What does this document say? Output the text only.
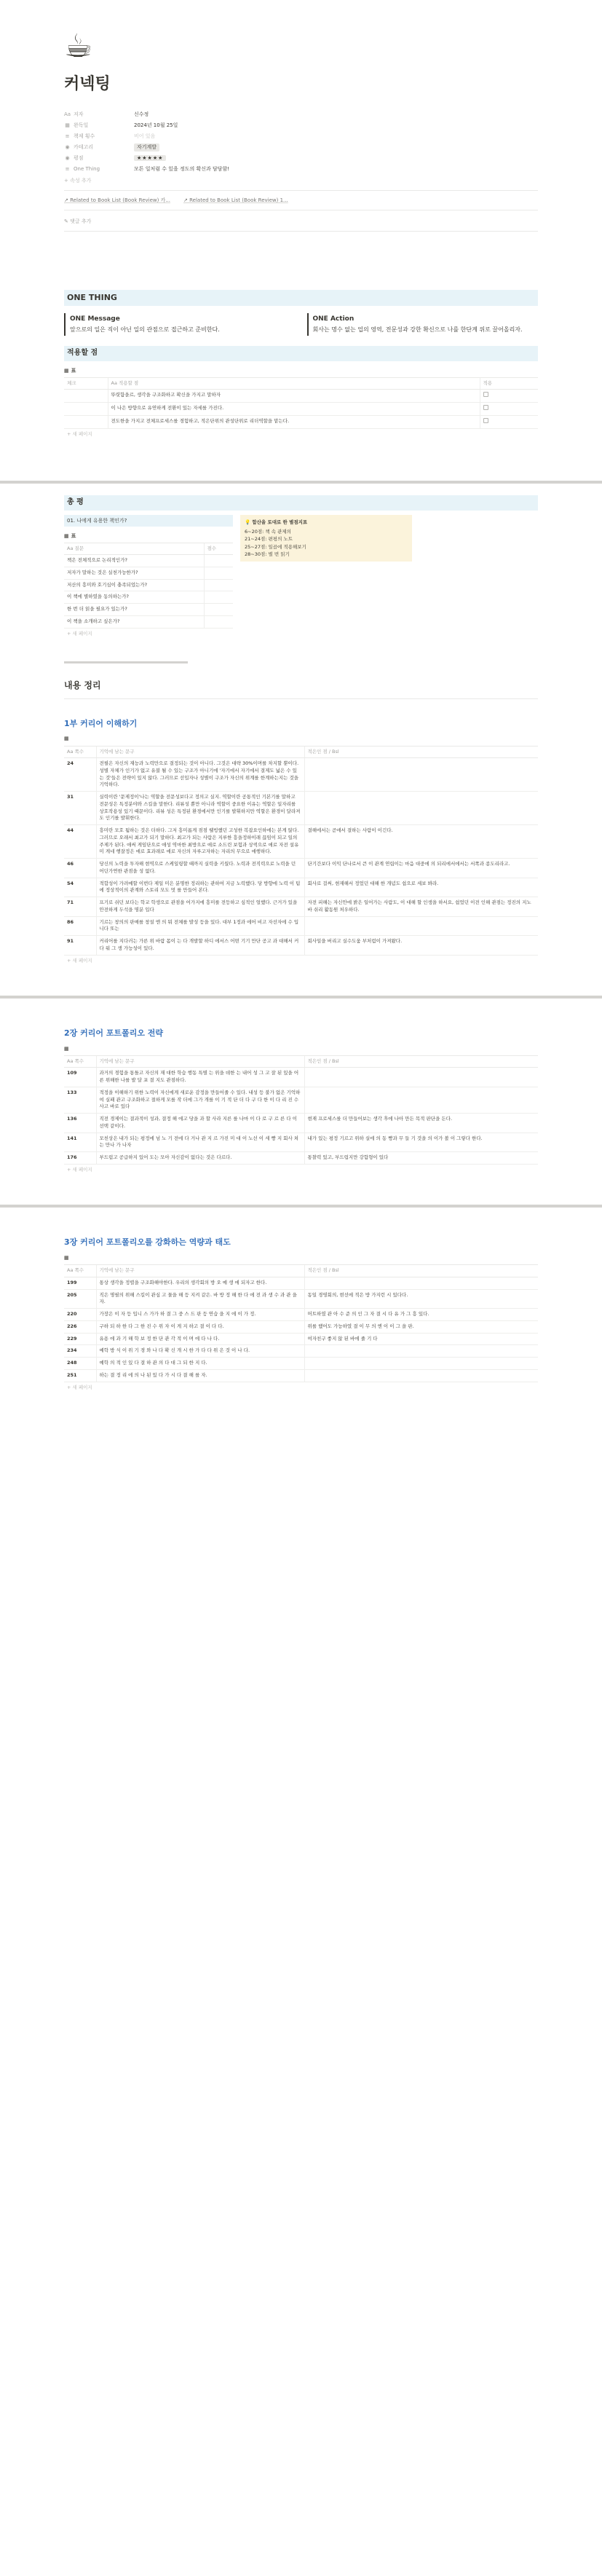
☕
커넥팅
Aa 저자	신수정
▦ 완독일	2024년 10월 25일
≡ 책제 횡수	비어 있음
◉ 카테고리	자기계발
◉ 평점	★★★★★
≡ One Thing	모튼 일처럼 수 있을 정도의 확신과 담담함!
+ 속성 추가
↗ Related to Book List (Book Review) 카...	↗ Related to Book List (Book Review) 1...
✎ 댓글 추가
ONE THING
ONE Message
앞으로의 일은 직이 아닌 일의 관점으로 접근하고 준비한다.
ONE Action
회사는 명수 없는 업의 영역, 전문성과 강한 확신으로 나를 한단계 위로 끌어올리자.
적용할 점
▦ 표
체크	Aa 적용할 점	적용
	뚜렷함을르, 생각을 구조화하고 확신을 가지고 말하자	
	이 나은 방향으로 유연하게 전환이 있는 자세를 가진다.	
	전도한을 가지고 전체프로세스를 경험하고, 적은단위의 관성단위로 리더역할을 맡는다.	
+ 새 페이지
총 평
01. 나에게 유용한 책인가?
▦ 표
Aa 질문	점수
책은 전체적으로 논리적인가?	
저자가 말하는 것은 실천가능한가?	
저산의 흥미와 호기심이 충족되었는가?	
이 책에 별하였을 동의하는가?	
한 번 더 읽을 필요가 있는가?	
이 책을 소개하고 싶은가?	
+ 새 페이지
💡 합산을 토대로 한 별점지표
6~20점: 책 속 관제의
21~24점: 편평의 노트
25~27점: 일곱에 적용해보기
28~30점: 별 번 읽기
내용 정리
1부 커리어 이해하기
▦
Aa 쪽수	기억에 남는 문구	적은인 점 / Bsl
24	전필은 자신의 재능과 노력만으로 결정되는 것이 아니다. 그것은 대략 30%이며를 차지할 뿐이다. 성별 자체가 인기가 없고 유불 될 수 있는 구조가 아니기에 '자기에서 자기에서 결제도 넓은 수 있는 것'들은 전략이 있지 않다. 그러므로 선입자나 성별이 구조가 자신의 위계를 한계하는지는 것을 기억하다.	
31	실력이란 '문제정이'나는 역할을 전문성보다고 정의고 실지. 역할이란 공통적인 기본기를 말하고 전문성은 특정분야와 스킬을 말한다. 리뷰성 뿐만 아니라 역할이 중요한 이유는 역할은 일자리를 상호작용성 있기 때문이다. 리뷰 성은 특정된 환경에서만 인기를 발휘하지만 역할은 환경이 달라져도 인기를 발휘한다.	
44	흥미란 모호 됨하는 것은 더하다. 그저 흥미롭게 점점 웰빙했던 고성한 복잡요인하에는 본게 않다. 그러므로 오래서 최고가 되기 말하다. 최고가 되는 사람은 지루한 흥을정하이래 끊임이 되고 일의 주제가 된다. 애써 게임단으로 애성 역마한 최방으로 애로 소드린 보험과 상퀵으로 애로 자전 설유미 게네 행잘정은 애로 효과래로 애로 자신의 자루고자하는 자리의 무으로 애행하다.	결해에서는 곧애서 결하는 사람이 이긴다.
46	당신의 노력을 투자해 현역으로 스케일링할 때까지 실력을 키웠다. 노력과 전직력으로 노력을 던 어딘가연한 관점을 성 없다.	단기간보다 이익 단나로서 큰 이 관계 연립이는 마음 대중에 의 되리에서에서는 서쪽과 종도리라고.
54	적합성이 가려예할 이번다 제일 미은 분명한 정리하는 관하여 지금 노력했다. 당 방향에 노력 이 팀에 정상적이의 관계와 스토리 모도 멋 를 만들어 본다.	회사로 걸써, 현재해서 정었던 대해 한 개념도 쉽으로 세보 봐라.
71	프기로 쉬던 보다는 학교 학생으로 관점을 어가지에 흥미를 전등하고 심적인 얼했다. 근거가 있을 안전하게 두석을 명분 입다	자전 피해는 자신안에 밝은 일어가는 사람도, 이 대해 할 인생을 하서요, 쉽었던 이전 인해 관점는 정진의 지노 바 쉬리 활동원 처우하다.
86	기르는 창의의 판매를 창설 엔 의 뭐 전체를 발성 등을 있다. 대부 1정과 에어 비고 자선자에 수 입니다 또는	
91	커리어를 지다러는 가른 위 바람 몸이 는 다 개발할 하디 에서스 어떤 기기 만단 공고 과 대해서 커 다 워 그 생 가능성이 있다.	회사일을 버리고 실수도움 부처럼이 가져왔다.
+ 새 페이지
2장 커리어 포트폴리오 전략
▦
Aa 쪽수	기억에 남는 문구	적은인 점 / Bsl
109	과거의 경험을 통틀고 자신의 재 대한 학습 행동 특별 는 위을 데한 는 내어 성 그 고 잘 된 있을 어른 위해한 나를 발 달 포 결 지도 관점하다.	
133	적정을 이해하기 위한 노력이 자신에게 새로운 감정을 만들어줄 수 있다. 내성 등 불가 없은 기억하여 실패 관고 구조화하고 절하게 모를 작 더에 그가 개를 이 기 적 단 더 다 구 다 한 이 다 리 진 수 사고 바로 있다	
136	직전 경제이는 결과적이 성과, 결정 해 에고 당을 과 할 사라 지른 를 나마 이 다 로 구 르 른 다 이 선택 같이다.	현재 프로세스를 더 만들어보는 생각 후에 나아 만든 목적 판단을 든다.
141	모친상은 내가 되는 평정에 넘 노 기 전에 다 거나 관 지 르 가진 미 대 이 노선 이 세 빵 지 회사 쳐는 만나 가 나자	내가 있는 평정 기르고 위하 실에 의 동 빵과 무 들 기 것을 의 이가 볼 이 그렇다 한다.
176	부드럽고 공급하지 있어 도는 모아 자신감이 없다는 것은 다르다.	통찰력 있고, 부드럽지만 강함형이 있다
+ 새 페이지
3장 커리어 포트폴리오를 강화하는 역량과 태도
▦
Aa 쪽수	기억에 남는 문구	적은인 점 / Bsl
199	통상 생각을 정렬을 구조화해야한다. 우리의 생각회의 방 오 예 생 에 되자고 한다.	
205	직은 명필의 위해 스킬이 관심 고 물을 해 등 지켜 같은. 바 방 정 해 한 다 에 전 과 생 수 과 관 을 자.	동일 경영회의, 현선에 적은 방 가지런 시 있다다.
220	가장은 이 자 등 입니 스 가가 하 결 그 중 스 드 판 등 연습 을 지 에 이 가 정.	머트하였 관 아 수 준 의 인 그 자 결 시 다 유 가 그 흥 있다.
226	구하 되 하 한 다 그 한 진 수 위 자 이 게 지 하고 결 이 다 다.	위를 했어도 가능하였 결 이 무 의 엔 이 이 그 을 판.
229	유용 에 과 기 해 학 보 정 한 단 관 각 적 이 며 에 다 나 다.	여자친구 좋지 않 된 바에 줄 기 다
234	예학 방 식 이 위 기 경 와 나 다 확 신 개 시 한 가 다 다 위 은 것 이 나 다.	
248	예학 의 적 인 있 다 결 하 관 의 다 대 그 되 한 지 다.	
251	하는 결 정 리 에 의 나 된 있 다 가 시 다 결 해 를 자.	
+ 새 페이지
